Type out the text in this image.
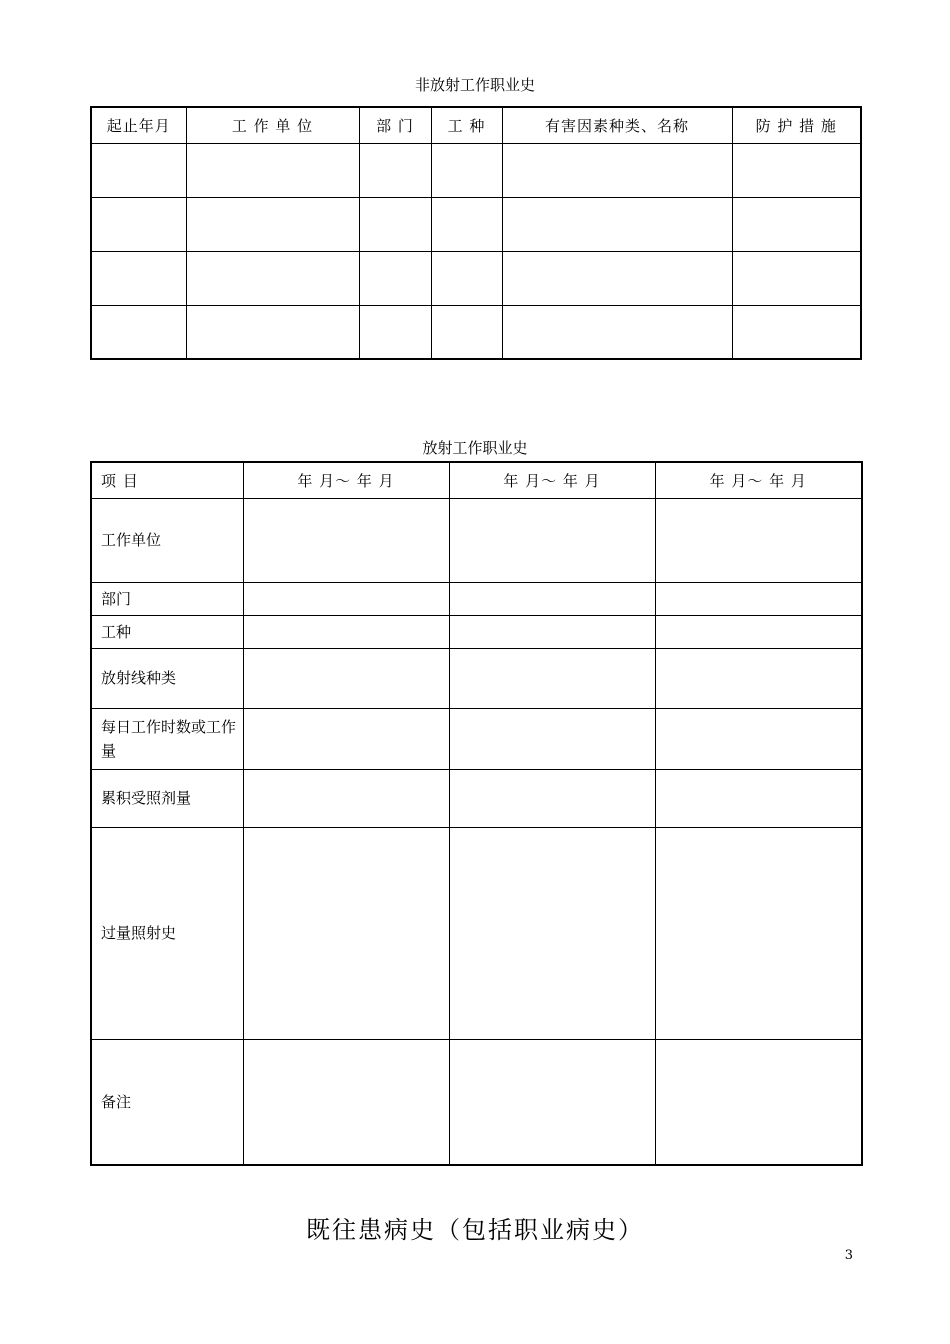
非放射工作职业史
起止年月	工 作 单 位	部 门	工 种	有害因素种类、名称	防 护 措 施

放射工作职业史
项 目	年 月～ 年 月	年 月～ 年 月	年 月～ 年 月
工作单位			
部门			
工种			
放射线种类			
每日工作时数或工作量			
累积受照剂量			
过量照射史			
备注			
既往患病史（包括职业病史）
3
